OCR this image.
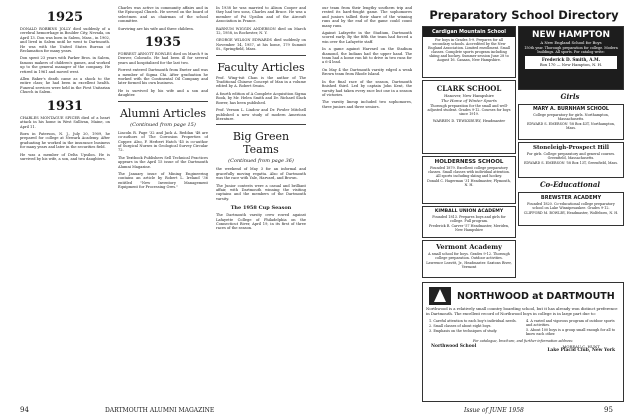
1925

DONALD ROBBINS JOLLY died suddenly of a cerebral hemorrhage in Boulder City, Nevada, on April 13. Don was born in Salem, Mass., in 1902, and lived in Salem until he went to Dartmouth. He was with the United States Bureau of Reclamation for many years.

Don spent 23 years with Parker Bros. in Salem, famous makers of children's games, and worked up to the general manager of the company. He retired in 1961 and moved west.

Allen Baker's death came as a shock to the entire class; he had been in excellent health. Funeral services were held in the First Unitarian Church in Salem.

1931

CHARLES MONTAGUE SPICER died of a heart attack in his home in West Sullivan, Maine, on April 11.

Born in Paterson, N. J., July 20, 1909, he prepared for college at Newark Academy. After graduating he worked in the insurance business for many years and later in the securities field.

He was a member of Delta Upsilon. He is survived by his wife, a son, and two daughters.

Charles was active in community affairs and in the Episcopal Church. He served on the board of selectmen and as chairman of the school committee.

Surviving are his wife and three children.

1935

FORREST ARNOTT BOWLES died on March 9 in Denver, Colorado. He had been ill for several years and hospitalized for the last two.

Forrest entered Dartmouth from Exeter and was a member of Sigma Chi. After graduation he worked with the Continental Oil Company and later formed his own business.

He is survived by his wife and a son and daughter.

Alumni Articles
(Continued from page 15)

Lincoln R. Page '32 and Jack A. Reddan '48 are co-authors of The Corrosion Properties of Copper. Also, F. Herbert Hatch '45 is co-author of Surgical Nurses in Geological Survey Circular 72.

The Textbook Publishers Sell Technical Practices appears in the April 15 issue of the Dartmouth Alumni Magazine.

The January issue of Mining Engineering contains an article by Robert L. Ireland '36 entitled "New Inventory Management Equipment for Processing Ores."

In 1938 he was married to Alison Cooper and they had two sons, Charles and Bruce. He was a member of Psi Upsilon and of the Aircraft Association in France.

BARNUM WIGGIN ANDERSON died on March 12, 1958, in Rochester, N. Y.

GEORGE WILSON EDWARDS died suddenly on November 14, 1957, at his home, 179 Summit St., Springfield, Mass.

Faculty Articles

Prof. Wing-tsit Chan is the author of The Traditional Chinese Concept of Man in a volume edited by A. Robert Swain.

A fourth edition of A Complete Acquisition Sigma Book, by Mr. Helen Smith and Dr. Richard Slack Bower, has been published.

Prof. Vernon L. Lindow and Dr. Fowler Mitchell published a new study of modern American literature.

Big Green Teams
(Continued from page 36)

the weekend of May 3 for an informal and gracefully moving regatta. Also of Dartmouth was the race with Yale, Harvard, and Brown.

The Junior contests were a casual and brilliant affair, with Dartmouth winning the visiting captains and the members of the Dartmouth varsity.

The 1958 Cup Season

The Dartmouth varsity crew rowed against Lafayette College of Philadelphia on the Connecticut River, April 19, in its first of three races of the season.

94	DARTMOUTH ALUMNI MAGAZINE

our team from their lengthy southern trip and rested its hard-fought game. The sophomores and juniors tallied their share of the winning runs and by the end of the game could count many runs.

Against Lafayette in the Stadium, Dartmouth scored early. By the fifth the team had forced a win over the Lafayette staff.

In a game against Harvard on the Stadium diamond, the Indians had the upper hand. The team had a home run hit to drive in two runs for a 6-4 lead.

On May 4 the Dartmouth varsity edged a weak Brown team from Rhode Island.

In the final race of the season, Dartmouth finished third. Led by captain John Kent, the varsity had taken every race but one in a season of victories.

The varsity lineup included two sophomores, three juniors and three seniors.

Preparatory School Directory
Cardigan Mountain School
For boys in Grades 5-9. Prepares for all secondary schools. Accredited by the New England Association. Limited enrollment. Small classes. Complete sports program including skiing and hockey. Summer session June 28 to August 16. Canaan, New Hampshire.
CLARK SCHOOL
Hanover, New Hampshire
The Home of Winter Sports
Thorough preparation for the small and well-adjusted student. Grades 9-12. Courses for boys since 1919.
WARREN D. TEWKSBURY, Headmaster
HOLDERNESS SCHOOL
Founded 1879. Excellent college preparatory classes. Small classes with individual attention. All sports including skiing and hockey.
Donald C. Hagerman '31 Headmaster, Plymouth, N. H.
KIMBALL UNION ACADEMY
Founded 1813. Prepares boys and girls for college. Full program.
Frederick R. Carver '57 Headmaster, Meriden, New Hampshire
Vermont Academy
A small school for boys. Grades 9-12. Thorough college preparation. Outdoor activities.
Lawrence Leavitt, Jr., Headmaster. Saxtons River, Vermont
NEW HAMPTON
A New England School for Boys
150th year. Thorough preparation for college. Modern buildings. All sports. For catalog write:
Frederick D. Smith, A.M.
Box 170 — New Hampton, N. H.
Girls
MARY A. BURNHAM SCHOOL
College preparatory for girls. Northampton, Massachusetts.
EDWARD S. EMERSON '58 Box 43T, Northampton, Mass.
Stoneleigh-Prospect Hill
For girls. College preparatory and general courses. Greenfield, Massachusetts.
EDWARD S. EMERSON '58 Box 13T, Greenfield, Mass.
Co-Educational
BREWSTER ACADEMY
Founded 1820. Co-educational college preparatory school on Lake Winnipesaukee. Grades 9-12.
CLIFFORD M. BOWLBY, Headmaster, Wolfeboro, N. H.
NORTHWOOD at DARTMOUTH
Northwood is a relatively small country boarding school, but it has already won distinct preference in Dartmouth. The excellent record of Northwood boys in college is in large part due to:
1. Careful attention to each boy's individual needs.
2. Small classes of about eight boys.
3. Emphasis on the techniques of study.
4. A varied and vigorous program of outdoor sports and activities.
5. About 100 boys is a group small enough for all to know each other.
For catalogue, brochure, and further information address:
Northwood School	MOREAU C. HUNT
Lake Placid Club, New York
Issue of JUNE 1958	95
